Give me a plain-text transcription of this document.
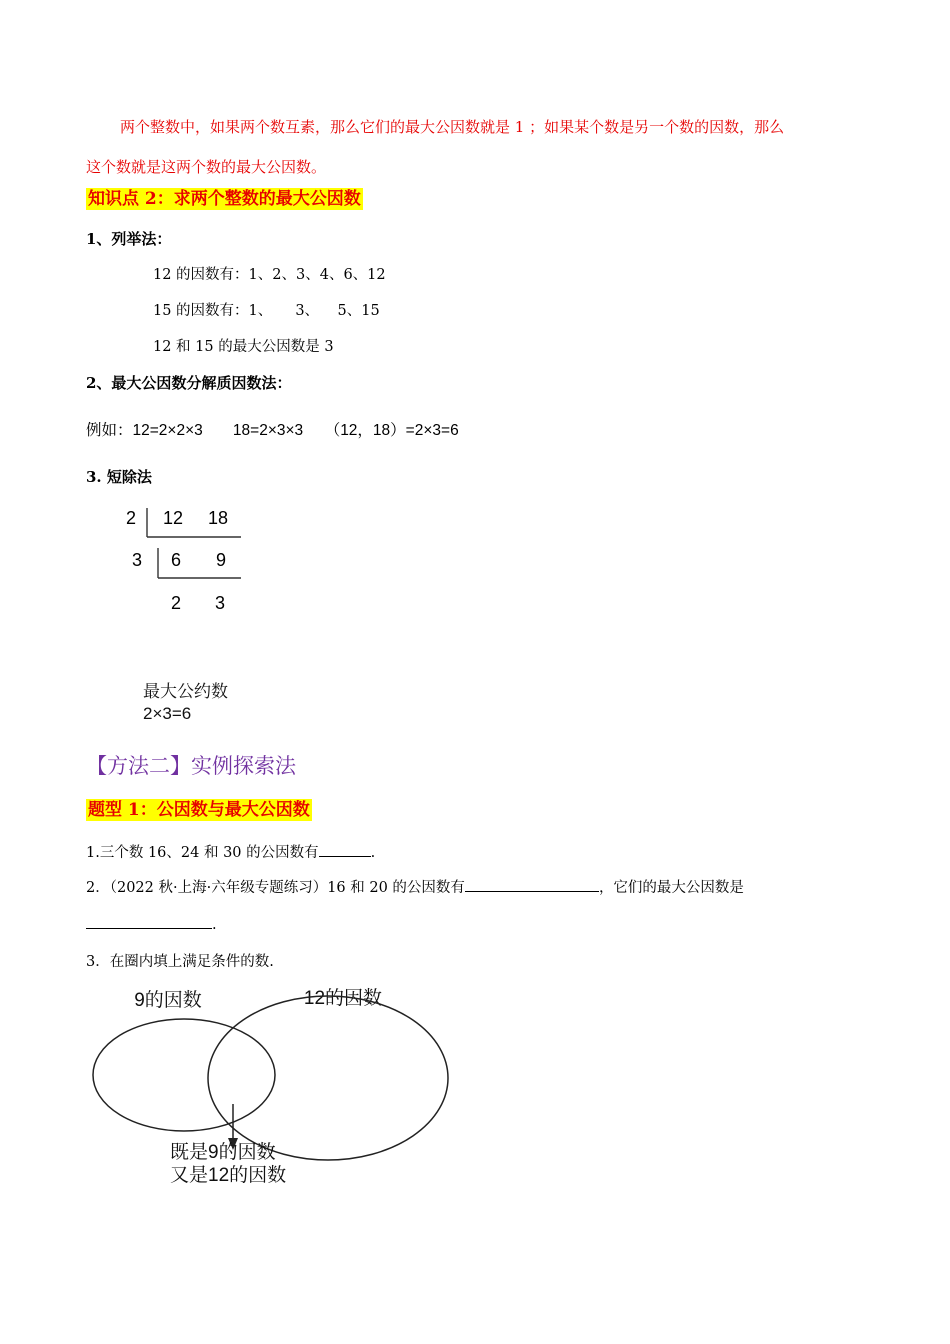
两个整数中，如果两个数互素，那么它们的最大公因数就是 1 ；如果某个数是另一个数的因数，那么
这个数就是这两个数的最大公因数。
知识点 2：求两个整数的最大公因数
1、列举法：
12 的因数有：1、2、3、4、6、12
15 的因数有：1、     3、    5、15
12 和 15 的最大公因数是 3
2、最大公因数分解质因数法：
例如：12=2×2×3       18=2×3×3     （12，18）=2×3=6
3. 短除法
2 12 18
3 6 9
2 3
最大公约数
2×3=6
【方法二】实例探索法
题型 1：公因数与最大公因数
1.三个数 16、24 和 30 的公因数有	.
2．（2022 秋·上海·六年级专题练习）16 和 20 的公因数有	，它们的最大公因数是
.
3．在圈内填上满足条件的数.
9的因数	12的因数
既是9的因数
又是12的因数
